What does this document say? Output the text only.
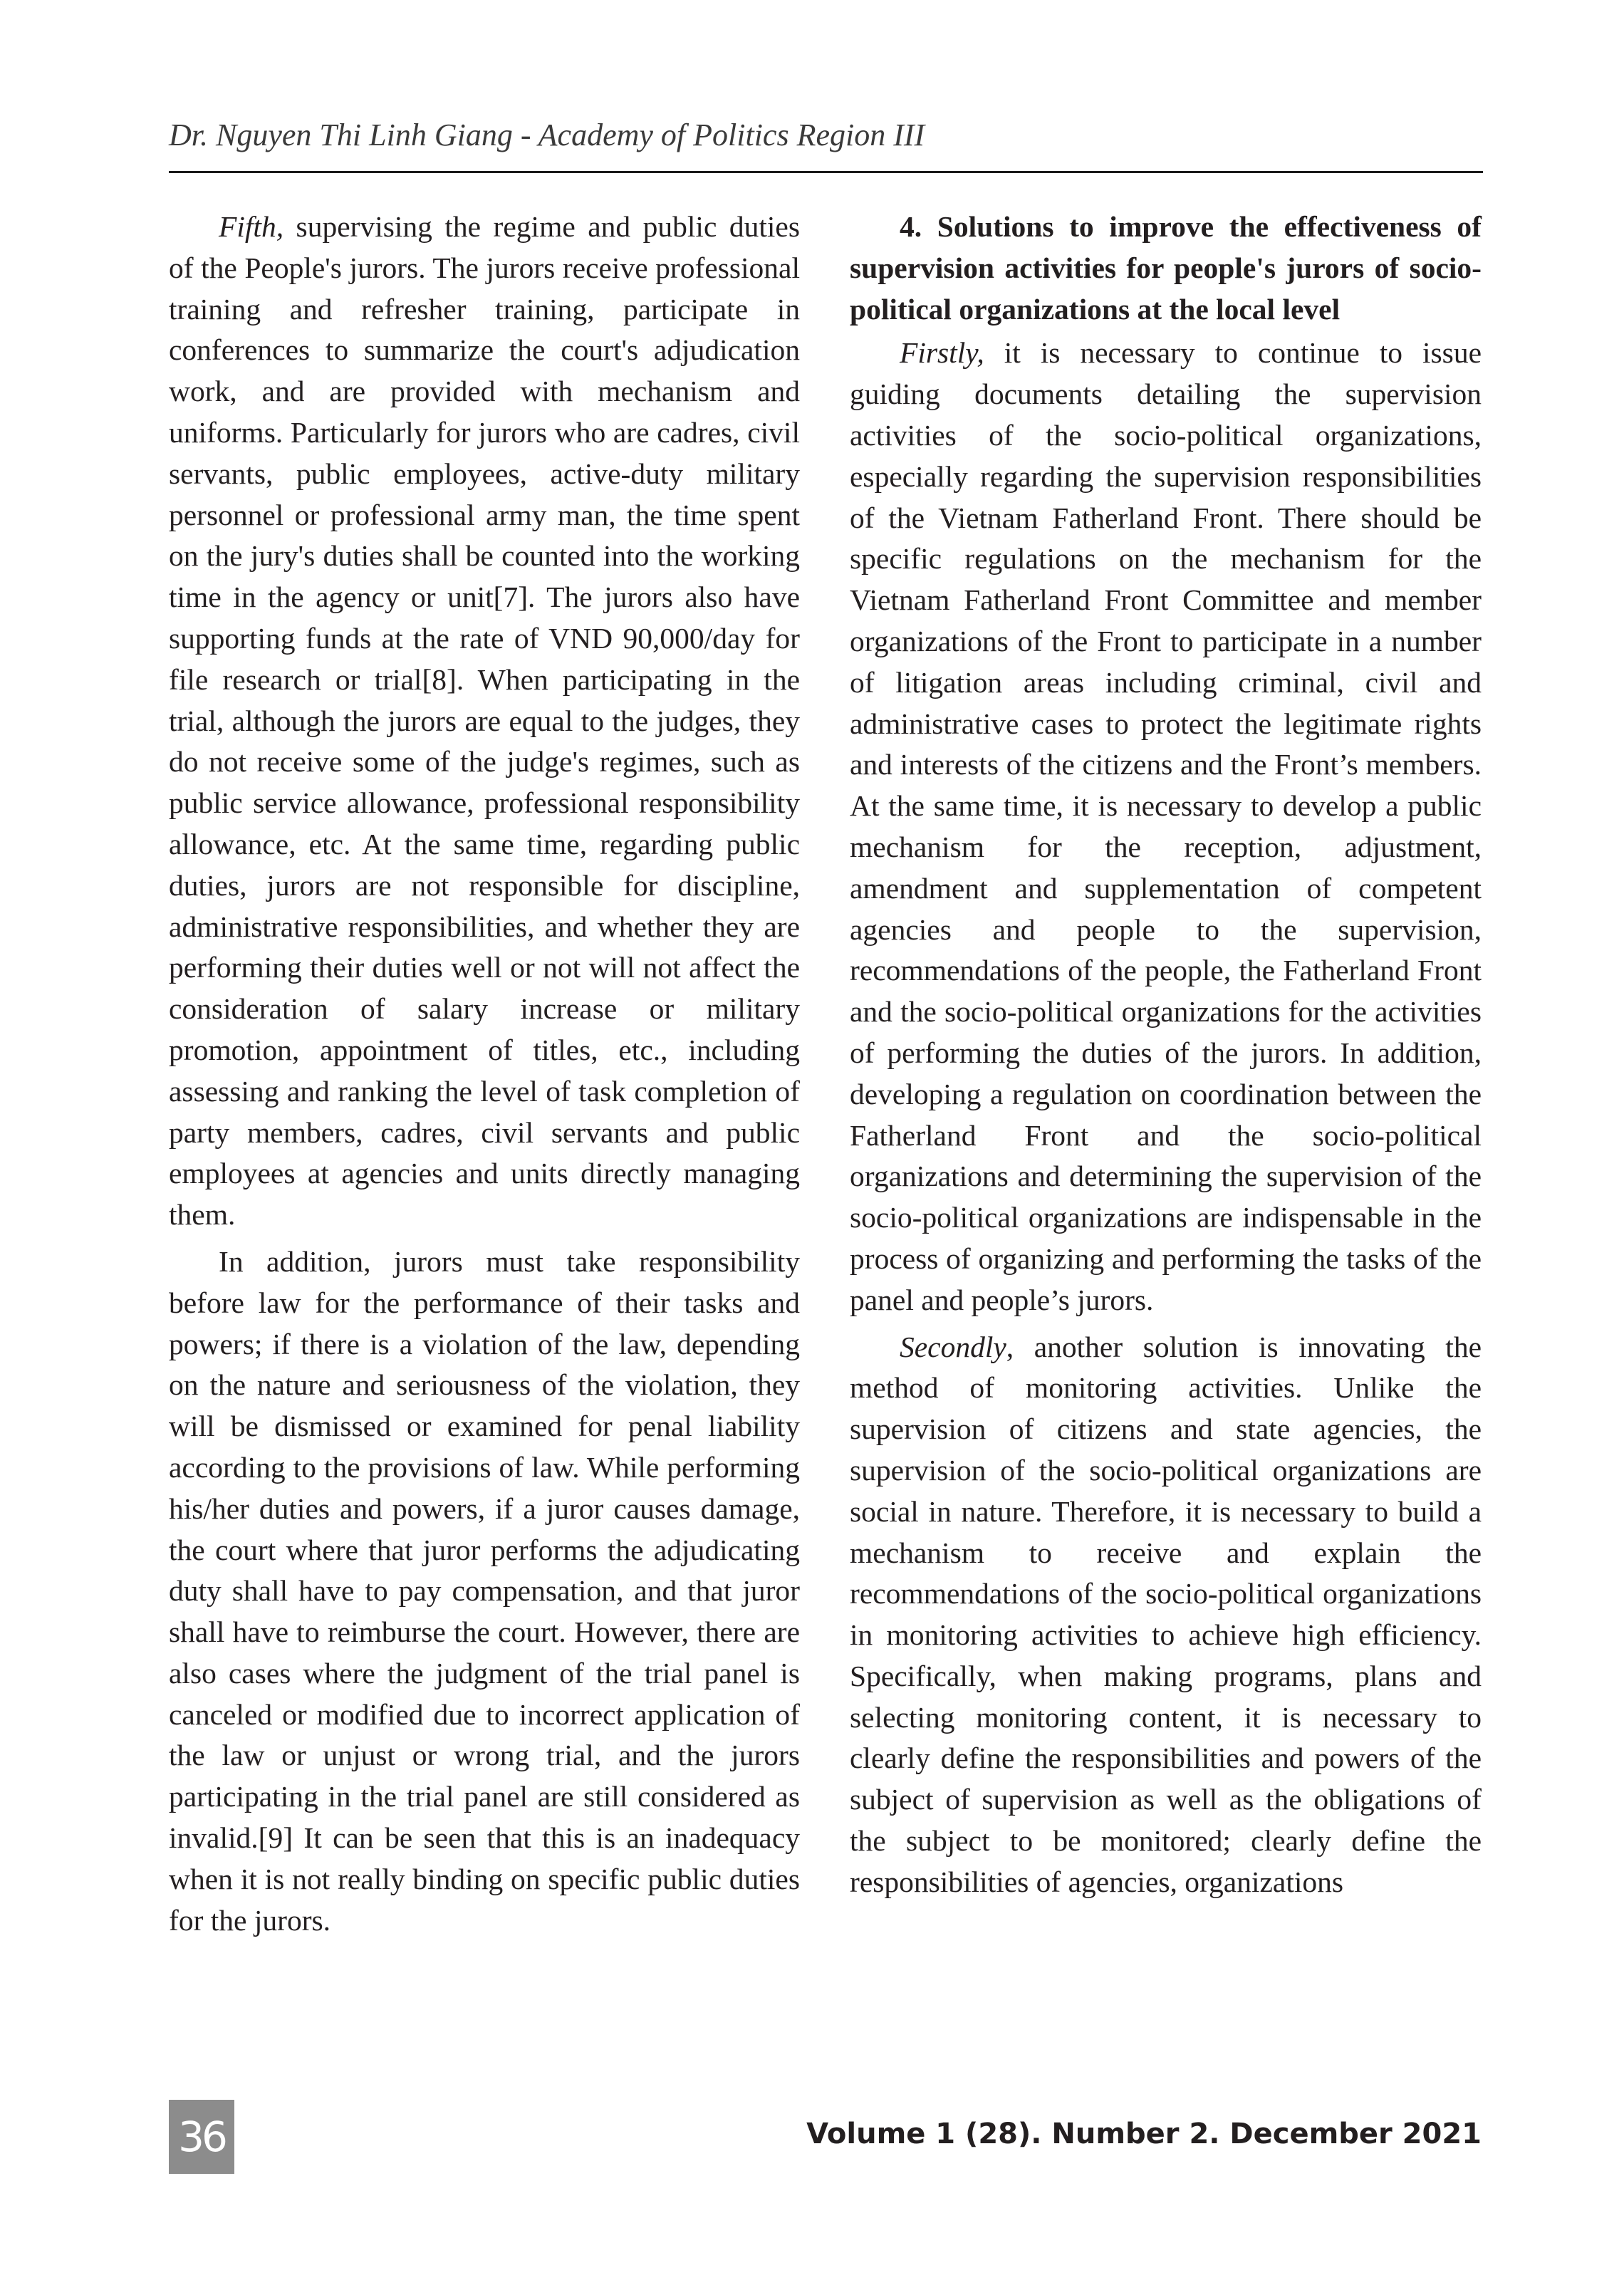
Dr. Nguyen Thi Linh Giang - Academy of Politics Region III

Fifth, supervising the regime and public duties of the People's jurors. The jurors receive professional training and refresher training, participate in conferences to summarize the court's adjudication work, and are provided with mechanism and uniforms. Particularly for jurors who are cadres, civil servants, public employees, active-duty military personnel or professional army man, the time spent on the jury's duties shall be counted into the working time in the agency or unit[7]. The jurors also have supporting funds at the rate of VND 90,000/day for file research or trial[8]. When participating in the trial, although the jurors are equal to the judges, they do not receive some of the judge's regimes, such as public service allowance, professional responsibility allowance, etc. At the same time, regarding public duties, jurors are not responsible for discipline, administrative responsibilities, and whether they are performing their duties well or not will not affect the consideration of salary increase or military promotion, appointment of titles, etc., including assessing and ranking the level of task completion of party members, cadres, civil servants and public employees at agencies and units directly managing them.

In addition, jurors must take responsibility before law for the performance of their tasks and powers; if there is a violation of the law, depending on the nature and seriousness of the violation, they will be dismissed or examined for penal liability according to the provisions of law. While performing his/her duties and powers, if a juror causes damage, the court where that juror performs the adjudicating duty shall have to pay compensation, and that juror shall have to reimburse the court. However, there are also cases where the judgment of the trial panel is canceled or modified due to incorrect application of the law or unjust or wrong trial, and the jurors participating in the trial panel are still considered as invalid.[9] It can be seen that this is an inadequacy when it is not really binding on specific public duties for the jurors.

4. Solutions to improve the effectiveness of supervision activities for people's jurors of socio-political organizations at the local level

Firstly, it is necessary to continue to issue guiding documents detailing the supervision activities of the socio-political organizations, especially regarding the supervision responsibilities of the Vietnam Fatherland Front. There should be specific regulations on the mechanism for the Vietnam Fatherland Front Committee and member organizations of the Front to participate in a number of litigation areas including criminal, civil and administrative cases to protect the legitimate rights and interests of the citizens and the Front’s members. At the same time, it is necessary to develop a public mechanism for the reception, adjustment, amendment and supplementation of competent agencies and people to the supervision, recommendations of the people, the Fatherland Front and the socio-political organizations for the activities of performing the duties of the jurors. In addition, developing a regulation on coordination between the Fatherland Front and the socio-political organizations and determining the supervision of the socio-political organizations are indispensable in the process of organizing and performing the tasks of the panel and people’s jurors.

Secondly, another solution is innovating the method of monitoring activities. Unlike the supervision of citizens and state agencies, the supervision of the socio-political organizations are social in nature. Therefore, it is necessary to build a mechanism to receive and explain the recommendations of the socio-political organizations in monitoring activities to achieve high efficiency. Specifically, when making programs, plans and selecting monitoring content, it is necessary to clearly define the responsibilities and powers of the subject of supervision as well as the obligations of the subject to be monitored; clearly define the responsibilities of agencies, organizations

36	Volume 1 (28). Number 2. December 2021
